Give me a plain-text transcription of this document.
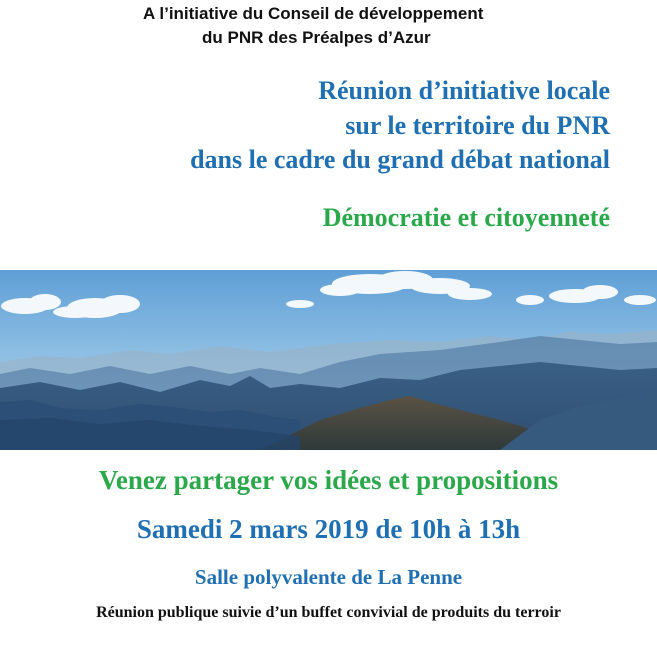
A l’initiative du Conseil de développement

du PNR des Préalpes d’Azur

Réunion d’initiative locale

sur le territoire du PNR

dans le cadre du grand débat national

Démocratie et citoyenneté

Venez partager vos idées et propositions

Samedi 2 mars 2019 de 10h à 13h

Salle polyvalente de La Penne

Réunion publique suivie d’un buffet convivial de produits du terroir
